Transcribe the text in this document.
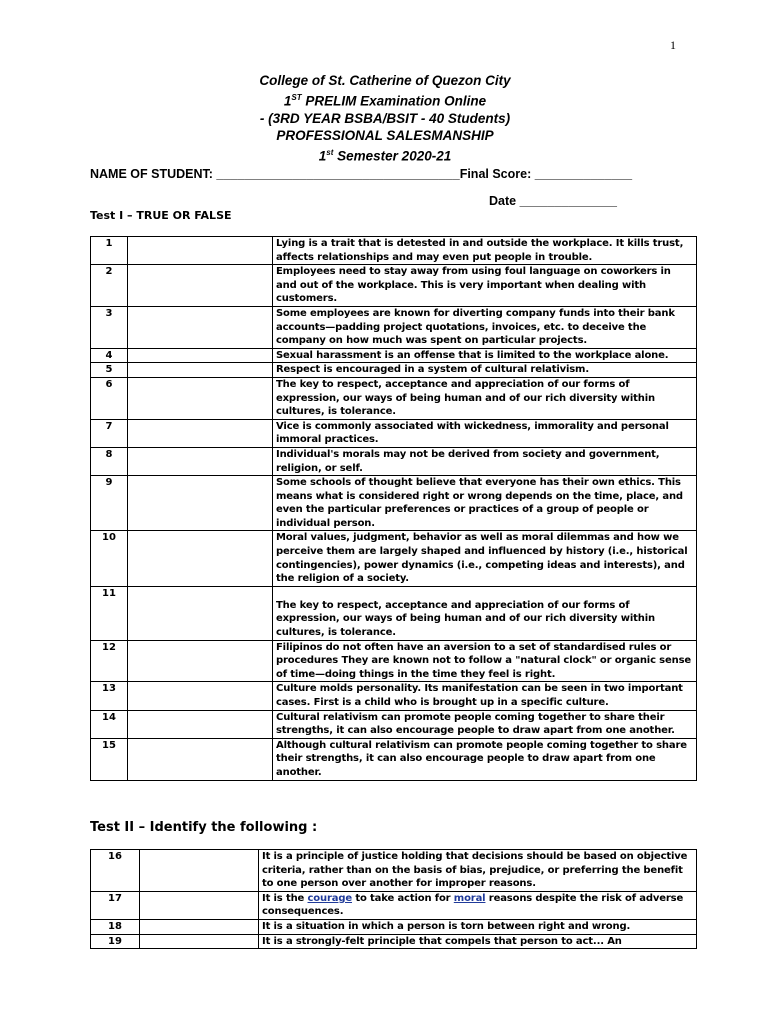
1
College of St. Catherine of Quezon City
1ST PRELIM Examination Online
- (3RD YEAR BSBA/BSIT - 40 Students)
PROFESSIONAL SALESMANSHIP
1st Semester 2020-21
NAME OF STUDENT: ___________________________________Final Score: ______________
Date ______________
Test I – TRUE OR FALSE
1		Lying is a trait that is detested in and outside the workplace. It kills trust, affects relationships and may even put people in trouble.
2		Employees need to stay away from using foul language on coworkers in and out of the workplace. This is very important when dealing with customers.
3		Some employees are known for diverting company funds into their bank accounts—padding project quotations, invoices, etc. to deceive the company on how much was spent on particular projects.
4		Sexual harassment is an offense that is limited to the workplace alone.
5		Respect is encouraged in a system of cultural relativism.
6		The key to respect, acceptance and appreciation of our forms of expression, our ways of being human and of our rich diversity within cultures, is tolerance.
7		Vice is commonly associated with wickedness, immorality and personal immoral practices.
8		Individual's morals may not be derived from society and government, religion, or self.
9		Some schools of thought believe that everyone has their own ethics. This means what is considered right or wrong depends on the time, place, and even the particular preferences or practices of a group of people or individual person.
10		Moral values, judgment, behavior as well as moral dilemmas and how we perceive them are largely shaped and influenced by history (i.e., historical contingencies), power dynamics (i.e., competing ideas and interests), and the religion of a society.
11		The key to respect, acceptance and appreciation of our forms of expression, our ways of being human and of our rich diversity within cultures, is tolerance.
12		Filipinos do not often have an aversion to a set of standardised rules or procedures They are known not to follow a "natural clock" or organic sense of time—doing things in the time they feel is right.
13		Culture molds personality. Its manifestation can be seen in two important cases. First is a child who is brought up in a specific culture.
14		Cultural relativism can promote people coming together to share their strengths, it can also encourage people to draw apart from one another.
15		Although cultural relativism can promote people coming together to share their strengths, it can also encourage people to draw apart from one another.
Test II – Identify the following :
16		It is a principle of justice holding that decisions should be based on objective criteria, rather than on the basis of bias, prejudice, or preferring the benefit to one person over another for improper reasons.
17		It is the courage to take action for moral reasons despite the risk of adverse consequences.
18		It is a situation in which a person is torn between right and wrong.
19		It is a strongly-felt principle that compels that person to act... An
